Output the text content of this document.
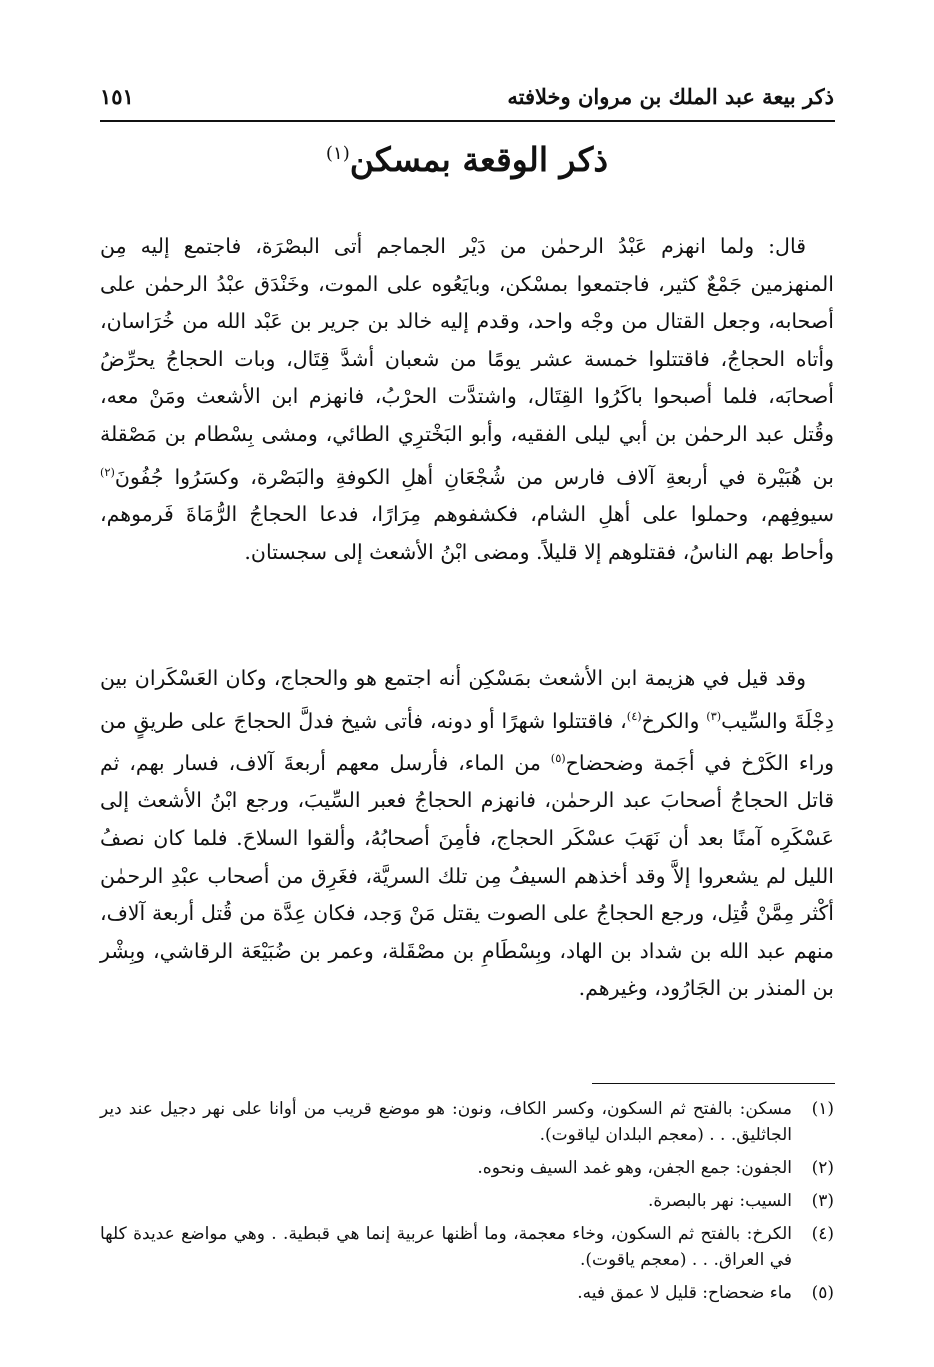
ذكر بيعة عبد الملك بن مروان وخلافته
١٥١
ذكر الوقعة بمسكن$^{(١)}$

قال: ولما انهزم عَبْدُ الرحمٰن من دَيْر الجماجم أتى البصْرَة، فاجتمع إليه مِن المنهزمين جَمْعٌ كثير، فاجتمعوا بمسْكن، وبايَعُوه على الموت، وخَنْدَق عبْدُ الرحمٰن على أصحابه، وجعل القتال من وجْه واحد، وقدم إليه خالد بن جرير بن عَبْد الله من خُرَاسان، وأتاه الحجاجُ، فاقتتلوا خمسة عشر يومًا من شعبان أشدَّ قِتَال، وبات الحجاجُ يحرِّضُ أصحابَه، فلما أصبحوا باكَرُوا القِتَال، واشتدَّت الحرْبُ، فانهزم ابن الأشعث ومَنْ معه، وقُتل عبد الرحمٰن بن أبي ليلى الفقيه، وأبو البَخْترِي الطائي، ومشى بِسْطام بن مَصْقلة بن هُبَيْرة في أربعةِ آلاف فارس من شُجْعَانِ أهلِ الكوفةِ والبَصْرة، وكسَرُوا جُفُونَ$^{(٢)}$ سيوفِهم، وحملوا على أهلِ الشام، فكشفوهم مِرَارًا، فدعا الحجاجُ الرُّمَاةَ فَرموهم، وأحاط بهم الناسُ، فقتلوهم إلا قليلاً. ومضى ابْنُ الأشعث إلى سجستان.

وقد قيل في هزيمة ابن الأشعث بمَسْكِن أنه اجتمع هو والحجاج، وكان العَسْكَران بين دِجْلَةَ والسِّيب$^{(٣)}$ والكرخ$^{(٤)}$، فاقتتلوا شهرًا أو دونه، فأتى شيخ فدلَّ الحجاجَ على طريقٍ من وراء الكَرْخ في أجَمة وضحضاح$^{(٥)}$ من الماء، فأرسل معهم أربعةَ آلاف، فسار بهم، ثم قاتل الحجاجُ أصحابَ عبد الرحمٰن، فانهزم الحجاجُ فعبر السِّيبَ، ورجع ابْنُ الأشعث إلى عَسْكَرِه آمنًا بعد أن نَهَبَ عسْكَر الحجاج، فأمِنَ أصحابُهُ، وألقوا السلاحَ. فلما كان نصفُ الليل لم يشعروا إلاَّ وقد أخذهم السيفُ مِن تلك السريَّة، فغَرِق من أصحاب عبْدِ الرحمٰن أكْثر مِمَّنْ قُتِل، ورجع الحجاجُ على الصوت يقتل مَنْ وَجد، فكان عِدَّة من قُتل أربعة آلاف، منهم عبد الله بن شداد بن الهاد، وبِسْطَامِ بن مصْقَلة، وعمر بن ضُبَيْعَة الرقاشي، وبِشْر بن المنذر بن الجَارُود، وغيرهم.

(١)
مسكن: بالفتح ثم السكون، وكسر الكاف، ونون: هو موضع قريب من أوانا على نهر دجيل عند دير الجاثليق. . . (معجم البلدان لياقوت).
(٢)
الجفون: جمع الجفن، وهو غمد السيف ونحوه.
(٣)
السيب: نهر بالبصرة.
(٤)
الكرخ: بالفتح ثم السكون، وخاء معجمة، وما أظنها عربية إنما هي قبطية. . وهي مواضع عديدة كلها في العراق. . . (معجم ياقوت).
(٥)
ماء ضحضاح: قليل لا عمق فيه.
